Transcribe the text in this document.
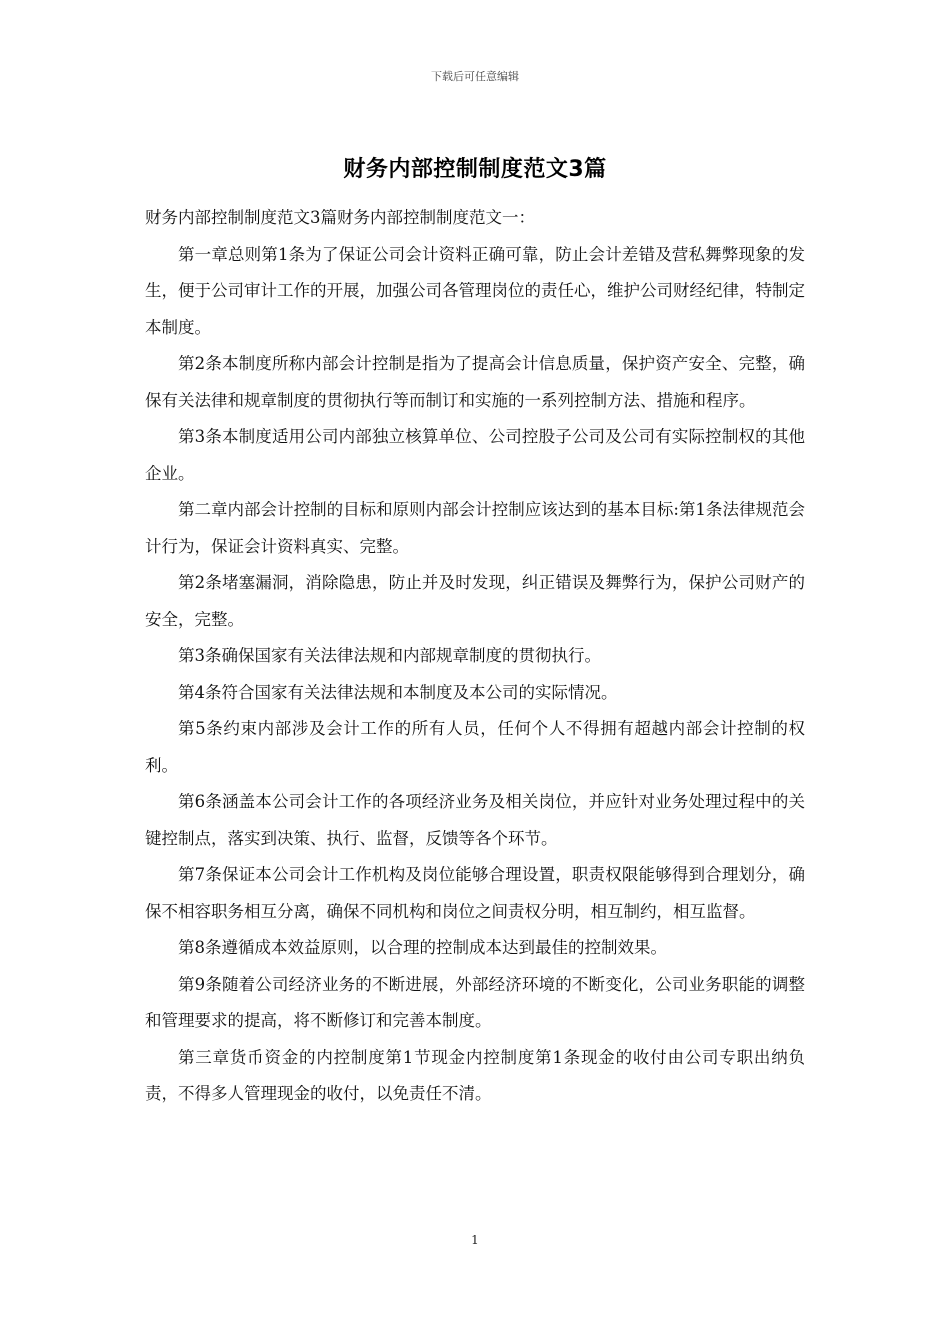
下载后可任意编辑
财务内部控制制度范文3篇

财务内部控制制度范文3篇财务内部控制制度范文一：

第一章总则第1条为了保证公司会计资料正确可靠，防止会计差错及营私舞弊现象的发生，便于公司审计工作的开展，加强公司各管理岗位的责任心，维护公司财经纪律，特制定本制度。

第2条本制度所称内部会计控制是指为了提高会计信息质量，保护资产安全、完整，确保有关法律和规章制度的贯彻执行等而制订和实施的一系列控制方法、措施和程序。

第3条本制度适用公司内部独立核算单位、公司控股子公司及公司有实际控制权的其他企业。

第二章内部会计控制的目标和原则内部会计控制应该达到的基本目标:第1条法律规范会计行为，保证会计资料真实、完整。

第2条堵塞漏洞，消除隐患，防止并及时发现，纠正错误及舞弊行为，保护公司财产的安全，完整。

第3条确保国家有关法律法规和内部规章制度的贯彻执行。

第4条符合国家有关法律法规和本制度及本公司的实际情况。

第5条约束内部涉及会计工作的所有人员，任何个人不得拥有超越内部会计控制的权利。

第6条涵盖本公司会计工作的各项经济业务及相关岗位，并应针对业务处理过程中的关键控制点，落实到决策、执行、监督，反馈等各个环节。

第7条保证本公司会计工作机构及岗位能够合理设置，职责权限能够得到合理划分，确保不相容职务相互分离，确保不同机构和岗位之间责权分明，相互制约，相互监督。

第8条遵循成本效益原则，以合理的控制成本达到最佳的控制效果。

第9条随着公司经济业务的不断进展，外部经济环境的不断变化，公司业务职能的调整和管理要求的提高，将不断修订和完善本制度。

第三章货币资金的内控制度第1节现金内控制度第1条现金的收付由公司专职出纳负责，不得多人管理现金的收付，以免责任不清。

1
